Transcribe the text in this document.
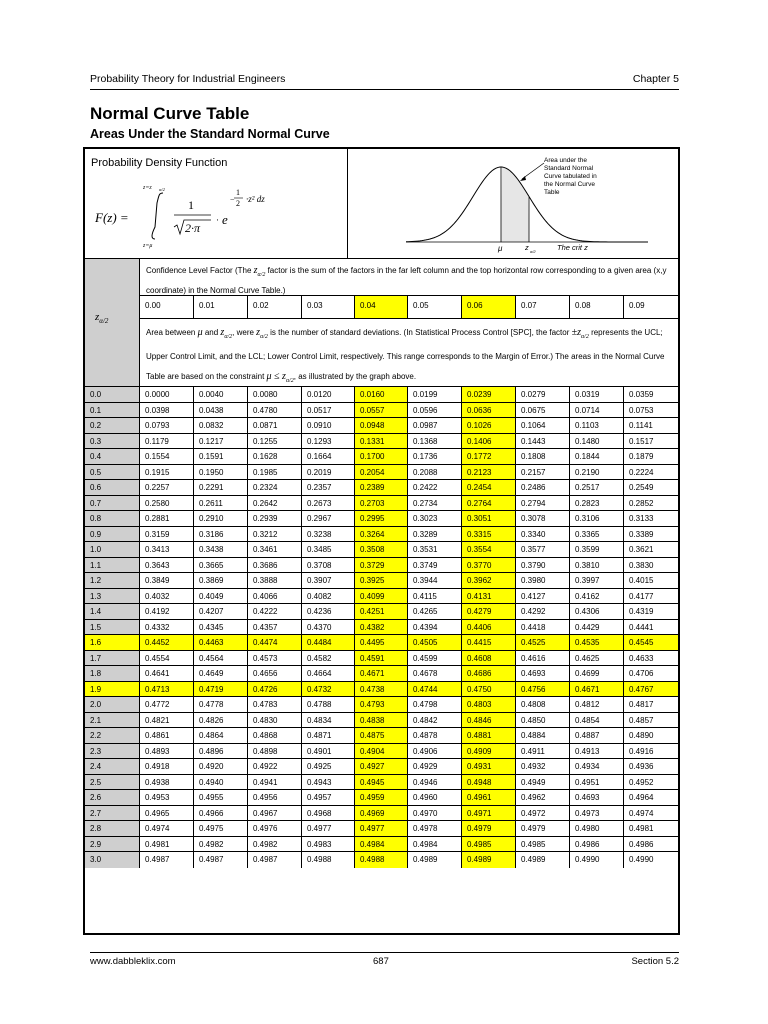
Probability Theory for Industrial Engineers	Chapter 5
Normal Curve Table
Areas Under the Standard Normal Curve
Probability Density Function
F(z) =
z=z α/2
z=μ
1
2·π
· e
1
2
− ·z² dz
Area under the
Standard Normal
Curve tabulated in
the Normal Curve
Table
μ	z α/2	The crit z
$z_{\alpha/2}$
Confidence Level Factor (The $z_{\alpha/2}$ factor is the sum of the factors in the far left column and the top horizontal row corresponding to a given area (x,y coordinate) in the Normal Curve Table.)
0.00	0.01	0.02	0.03	0.04	0.05	0.06	0.07	0.08	0.09
Area between μ and $z_{\alpha/2}$, were $z_{\alpha/2}$ is the number of standard deviations. (In Statistical Process Control [SPC], the factor $\pm z_{\alpha/2}$ represents the UCL; Upper Control Limit, and the LCL; Lower Control Limit, respectively. This range corresponds to the Margin of Error.) The areas in the Normal Curve Table are based on the constraint $\mu \le z_{\alpha/2}$, as illustrated by the graph above.
0.0	0.0000	0.0040	0.0080	0.0120	0.0160	0.0199	0.0239	0.0279	0.0319	0.0359
0.1	0.0398	0.0438	0.4780	0.0517	0.0557	0.0596	0.0636	0.0675	0.0714	0.0753
0.2	0.0793	0.0832	0.0871	0.0910	0.0948	0.0987	0.1026	0.1064	0.1103	0.1141
0.3	0.1179	0.1217	0.1255	0.1293	0.1331	0.1368	0.1406	0.1443	0.1480	0.1517
0.4	0.1554	0.1591	0.1628	0.1664	0.1700	0.1736	0.1772	0.1808	0.1844	0.1879
0.5	0.1915	0.1950	0.1985	0.2019	0.2054	0.2088	0.2123	0.2157	0.2190	0.2224
0.6	0.2257	0.2291	0.2324	0.2357	0.2389	0.2422	0.2454	0.2486	0.2517	0.2549
0.7	0.2580	0.2611	0.2642	0.2673	0.2703	0.2734	0.2764	0.2794	0.2823	0.2852
0.8	0.2881	0.2910	0.2939	0.2967	0.2995	0.3023	0.3051	0.3078	0.3106	0.3133
0.9	0.3159	0.3186	0.3212	0.3238	0.3264	0.3289	0.3315	0.3340	0.3365	0.3389
1.0	0.3413	0.3438	0.3461	0.3485	0.3508	0.3531	0.3554	0.3577	0.3599	0.3621
1.1	0.3643	0.3665	0.3686	0.3708	0.3729	0.3749	0.3770	0.3790	0.3810	0.3830
1.2	0.3849	0.3869	0.3888	0.3907	0.3925	0.3944	0.3962	0.3980	0.3997	0.4015
1.3	0.4032	0.4049	0.4066	0.4082	0.4099	0.4115	0.4131	0.4127	0.4162	0.4177
1.4	0.4192	0.4207	0.4222	0.4236	0.4251	0.4265	0.4279	0.4292	0.4306	0.4319
1.5	0.4332	0.4345	0.4357	0.4370	0.4382	0.4394	0.4406	0.4418	0.4429	0.4441
1.6	0.4452	0.4463	0.4474	0.4484	0.4495	0.4505	0.4415	0.4525	0.4535	0.4545
1.7	0.4554	0.4564	0.4573	0.4582	0.4591	0.4599	0.4608	0.4616	0.4625	0.4633
1.8	0.4641	0.4649	0.4656	0.4664	0.4671	0.4678	0.4686	0.4693	0.4699	0.4706
1.9	0.4713	0.4719	0.4726	0.4732	0.4738	0.4744	0.4750	0.4756	0.4671	0.4767
2.0	0.4772	0.4778	0.4783	0.4788	0.4793	0.4798	0.4803	0.4808	0.4812	0.4817
2.1	0.4821	0.4826	0.4830	0.4834	0.4838	0.4842	0.4846	0.4850	0.4854	0.4857
2.2	0.4861	0.4864	0.4868	0.4871	0.4875	0.4878	0.4881	0.4884	0.4887	0.4890
2.3	0.4893	0.4896	0.4898	0.4901	0.4904	0.4906	0.4909	0.4911	0.4913	0.4916
2.4	0.4918	0.4920	0.4922	0.4925	0.4927	0.4929	0.4931	0.4932	0.4934	0.4936
2.5	0.4938	0.4940	0.4941	0.4943	0.4945	0.4946	0.4948	0.4949	0.4951	0.4952
2.6	0.4953	0.4955	0.4956	0.4957	0.4959	0.4960	0.4961	0.4962	0.4693	0.4964
2.7	0.4965	0.4966	0.4967	0.4968	0.4969	0.4970	0.4971	0.4972	0.4973	0.4974
2.8	0.4974	0.4975	0.4976	0.4977	0.4977	0.4978	0.4979	0.4979	0.4980	0.4981
2.9	0.4981	0.4982	0.4982	0.4983	0.4984	0.4984	0.4985	0.4985	0.4986	0.4986
3.0	0.4987	0.4987	0.4987	0.4988	0.4988	0.4989	0.4989	0.4989	0.4990	0.4990
www.dabbleklix.com	687	Section 5.2
